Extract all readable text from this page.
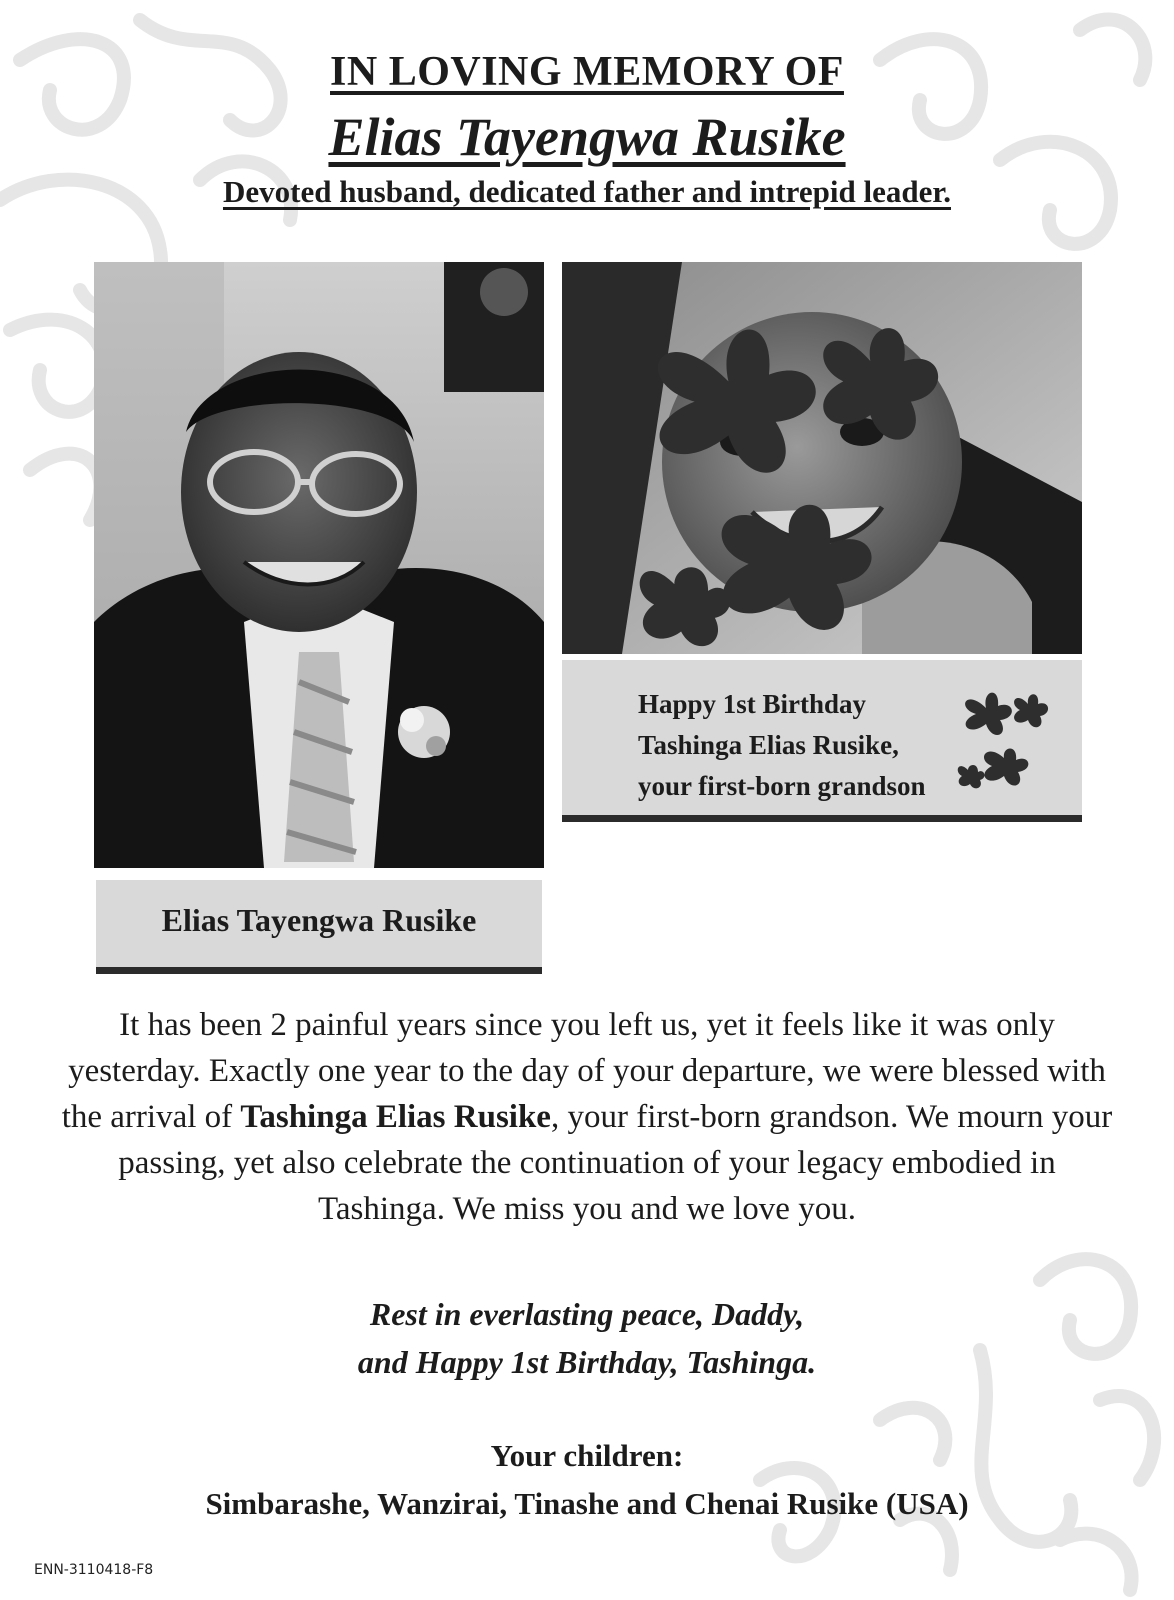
IN LOVING MEMORY OF
Elias Tayengwa Rusike
Devoted husband, dedicated father and intrepid leader.
Happy 1st Birthday
Tashinga Elias Rusike,
your first-born grandson
Elias Tayengwa Rusike
It has been 2 painful years since you left us, yet it feels like it was only yesterday. Exactly one year to the day of your departure, we were blessed with the arrival of Tashinga Elias Rusike, your first-born grandson. We mourn your passing, yet also celebrate the continuation of your legacy embodied in Tashinga. We miss you and we love you.
Rest in everlasting peace, Daddy,
and Happy 1st Birthday, Tashinga.
Your children:
Simbarashe, Wanzirai, Tinashe and Chenai Rusike (USA)
ENN-3110418-F8
